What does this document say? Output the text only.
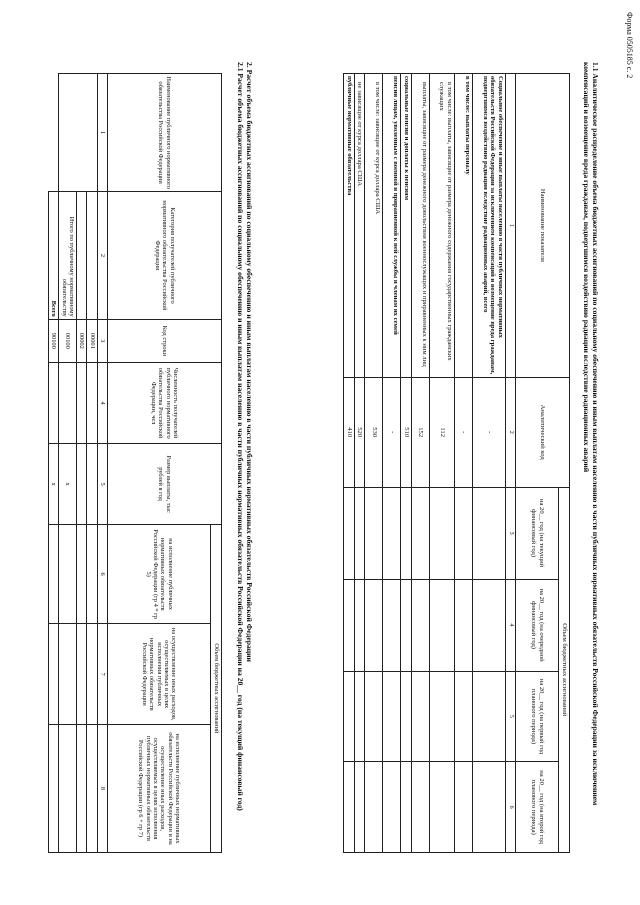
Форма 0505185 с. 2
1.1 Аналитическое распределение объема бюджетных ассигнований по социальному обеспечению и иным выплатам населению в части публичных нормативных обязательств Российской Федерации за исключением компенсаций и возмещение вреда гражданам, подвергшимся воздействию радиации вследствие радиационных аварий
Наименование показателя	Аналитический код	Объем бюджетных ассигнований			
		на 20__ год (на текущий финансовый год)	на 20__ год (на очередной финансовый год)	на 20__ год (на первый год планового периода)	на 20__ год (на второй год планового периода)
1	2	3	4	5	6
Социальное обеспечение и иные выплаты населению в части публичных нормативных обязательств Российской Федерации за исключением компенсаций и возмещение вреда гражданам, подвергшимся воздействию радиации вследствие радиационных аварий, всего	-				
в том числе: выплаты персоналу	-				
в том числе: выплаты, зависящие от размера денежного содержания государственных гражданских служащих	112				
выплаты, зависящие от размера денежного довольствия военнослужащих и приравненных к ним лиц	152				
социальные пенсии и доплаты к пенсиям	510				
пенсии лицам, уволенным с военной и приравненной к ней службы и членам их семей	-				
в том числе: зависящие от курса доллара США	530				
не зависящие от курса доллара США	520				
публичные нормативные обязательства	410				
2. Расчет объема бюджетных ассигнований по социальному обеспечению и иным выплатам населению в части публичных нормативных обязательств Российской Федерации
2.1 Расчет объема бюджетных ассигнований по социальному обеспечению и иным выплатам населению в части публичных нормативных обязательств Российской Федерации на 20__ год (на текущий финансовый год)
Наименование публичного нормативного обязательства Российской Федерации	Категория получателей публичного нормативного обязательства Российской Федерации	Код строки	Численность получателей публичного нормативного обязательства Российской Федерации, чел	Размер выплаты, тыс рублей в год	Объем бюджетных ассигнований		
					на исполнение публичных нормативных обязательств Российской Федерации (гр 4 * гр 5)	на осуществление иных расходов, осуществляемых в целях исполнения публичных нормативных обязательств Российской Федерации	на исполнение публичных нормативных обязательств Российской Федерации и на осуществление иных расходов, осуществляемых в целях исполнения публичных нормативных обязательств Российской Федерации (гр 6 + гр 7)
1	2	3	4	5	6	7	8
		00001					
		00002					
	Итого по публичному нормативному обязательству	00100		x			
	Всего	90100		x			
